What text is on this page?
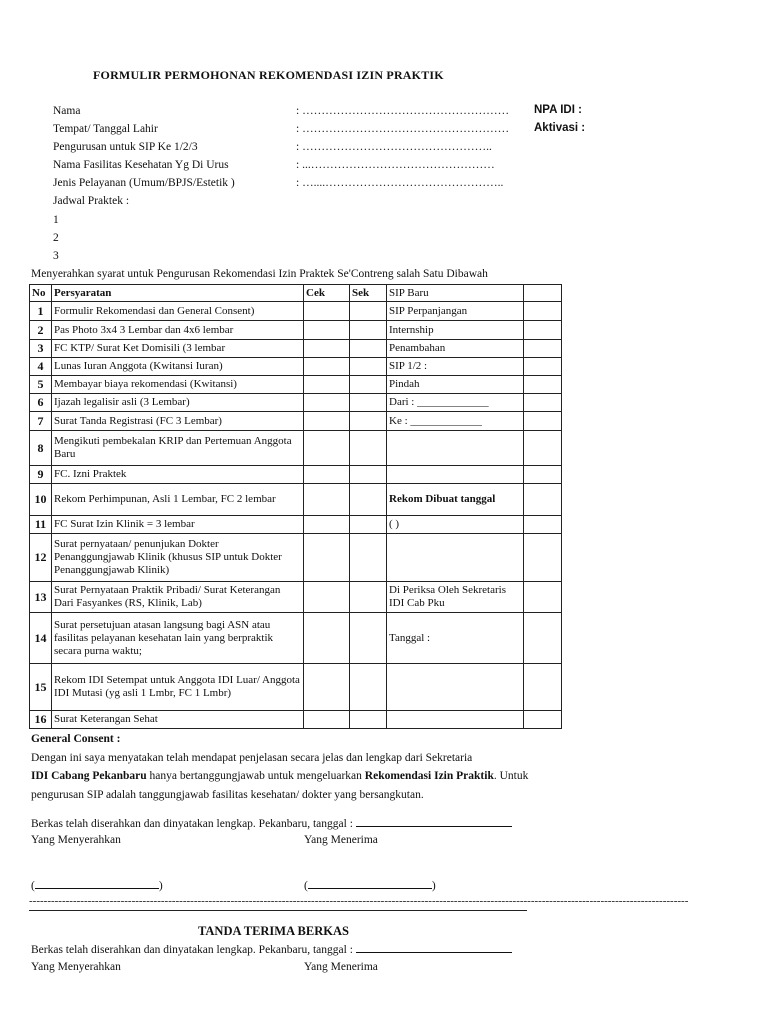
FORMULIR PERMOHONAN REKOMENDASI IZIN PRAKTIK
Nama	: ………………………………………………
Tempat/ Tanggal Lahir	: ………………………………………………
Pengurusan untuk SIP Ke 1/2/3	: …………………………………………..
Nama Fasilitas Kesehatan Yg Di Urus	: ...…………………………………………
Jenis Pelayanan (Umum/BPJS/Estetik )	: …....………………………………………..
Jadwal Praktek :
1
2
3
NPA IDI :
Aktivasi :
Menyerahkan syarat untuk Pengurusan Rekomendasi Izin Praktek Se'Contreng salah Satu Dibawah
No	Persyaratan	Cek	Sek	SIP Baru	
1	Formulir Rekomendasi dan General Consent)			SIP Perpanjangan	
2	Pas Photo 3x4 3 Lembar dan 4x6 lembar			Internship	
3	FC KTP/ Surat Ket Domisili (3 lembar			Penambahan	
4	Lunas Iuran Anggota (Kwitansi Iuran)			SIP 1/2 :	
5	Membayar biaya rekomendasi (Kwitansi)			Pindah	
6	Ijazah legalisir asli (3 Lembar)			Dari : _____________	
7	Surat Tanda Registrasi (FC 3 Lembar)			Ke : _____________	
8	Mengikuti pembekalan KRIP dan Pertemuan Anggota Baru				
9	FC. Izni Praktek				
10	Rekom Perhimpunan, Asli 1 Lembar, FC 2 lembar			Rekom Dibuat tanggal	
11	FC Surat Izin Klinik = 3 lembar			( )	
12	Surat pernyataan/ penunjukan Dokter Penanggungjawab Klinik (khusus SIP untuk Dokter Penanggungjawab Klinik)				
13	Surat Pernyataan Praktik Pribadi/ Surat Keterangan Dari Fasyankes (RS, Klinik, Lab)			Di Periksa Oleh Sekretaris IDI Cab Pku	
14	Surat persetujuan atasan langsung bagi ASN atau fasilitas pelayanan kesehatan lain yang berpraktik secara purna waktu;			Tanggal :	
15	Rekom IDI Setempat untuk Anggota IDI Luar/ Anggota IDI Mutasi (yg asli 1 Lmbr, FC 1 Lmbr)				
16	Surat Keterangan Sehat				
General Consent :
Dengan ini saya menyatakan telah mendapat penjelasan secara jelas dan lengkap dari Sekretaria
IDI Cabang Pekanbaru hanya bertanggungjawab untuk mengeluarkan Rekomendasi Izin Praktik. Untuk
pengurusan SIP adalah tanggungjawab fasilitas kesehatan/ dokter yang bersangkutan.
Berkas telah diserahkan dan dinyatakan lengkap. Pekanbaru, tanggal :
Yang Menyerahkan	Yang Menerima
(	)	(	)
------------------------------------------------------------------------------------------------------------------------------------------------------------------------------------
TANDA TERIMA BERKAS
Berkas telah diserahkan dan dinyatakan lengkap. Pekanbaru, tanggal :
Yang Menyerahkan	Yang Menerima
